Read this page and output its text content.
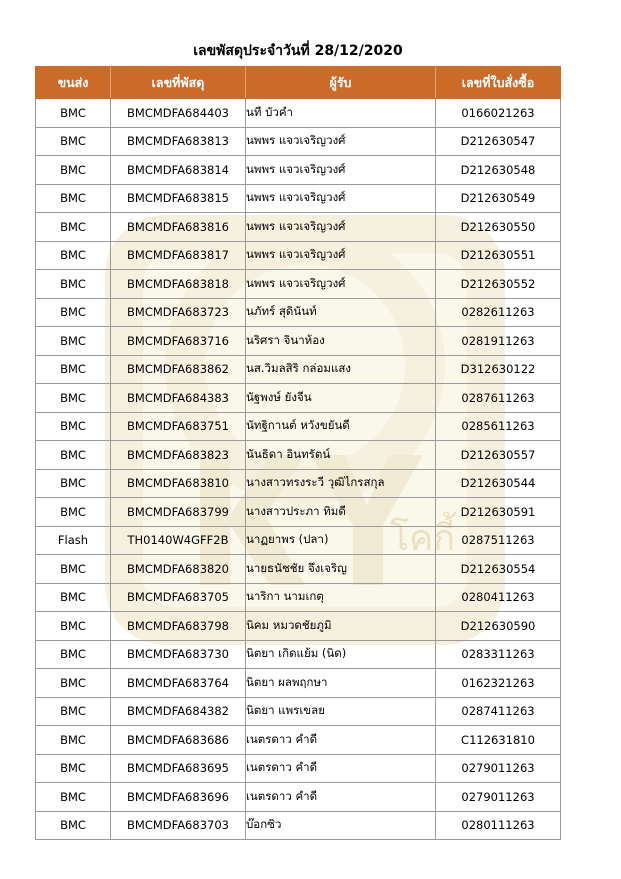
โคกี้
เลขพัสดุประจำวันที่ 28/12/2020
ขนส่ง	เลขที่พัสดุ	ผู้รับ	เลขที่ใบสั่งซื้อ
BMC	BMCMDFA684403	นที บัวคำ	0166021263
BMC	BMCMDFA683813	นพพร แจวเจริญวงศ์	D212630547
BMC	BMCMDFA683814	นพพร แจวเจริญวงศ์	D212630548
BMC	BMCMDFA683815	นพพร แจวเจริญวงศ์	D212630549
BMC	BMCMDFA683816	นพพร แจวเจริญวงศ์	D212630550
BMC	BMCMDFA683817	นพพร แจวเจริญวงศ์	D212630551
BMC	BMCMDFA683818	นพพร แจวเจริญวงศ์	D212630552
BMC	BMCMDFA683723	นภัทร์ สุดินันท์	0282611263
BMC	BMCMDFA683716	นริศรา จินาห้อง	0281911263
BMC	BMCMDFA683862	นส.วิมลสิริ กล่อมแสง	D312630122
BMC	BMCMDFA684383	นัฐพงษ์ ยังจีน	0287611263
BMC	BMCMDFA683751	นัทฐิกานต์ หวังขยันดี	0285611263
BMC	BMCMDFA683823	นันธิดา อินทรัตน์	D212630557
BMC	BMCMDFA683810	นางสาวทรงระวี วุฒิไกรสกุล	D212630544
BMC	BMCMDFA683799	นางสาวประภา ทิมดี	D212630591
Flash	TH0140W4GFF2B	นาฏยาพร (ปลา)	0287511263
BMC	BMCMDFA683820	นายธนัชชัย จึงเจริญ	D212630554
BMC	BMCMDFA683705	นาริกา นามเกตุ	0280411263
BMC	BMCMDFA683798	นิคม หมวดชัยภูมิ	D212630590
BMC	BMCMDFA683730	นิตยา เกิดแย้ม (นิด)	0283311263
BMC	BMCMDFA683764	นิตยา ผลพฤกษา	0162321263
BMC	BMCMDFA684382	นิตยา แพรเขลย	0287411263
BMC	BMCMDFA683686	เนตรดาว คำดี	C112631810
BMC	BMCMDFA683695	เนตรดาว คำดี	0279011263
BMC	BMCMDFA683696	เนตรดาว คำดี	0279011263
BMC	BMCMDFA683703	บ๊อกซิว	0280111263
